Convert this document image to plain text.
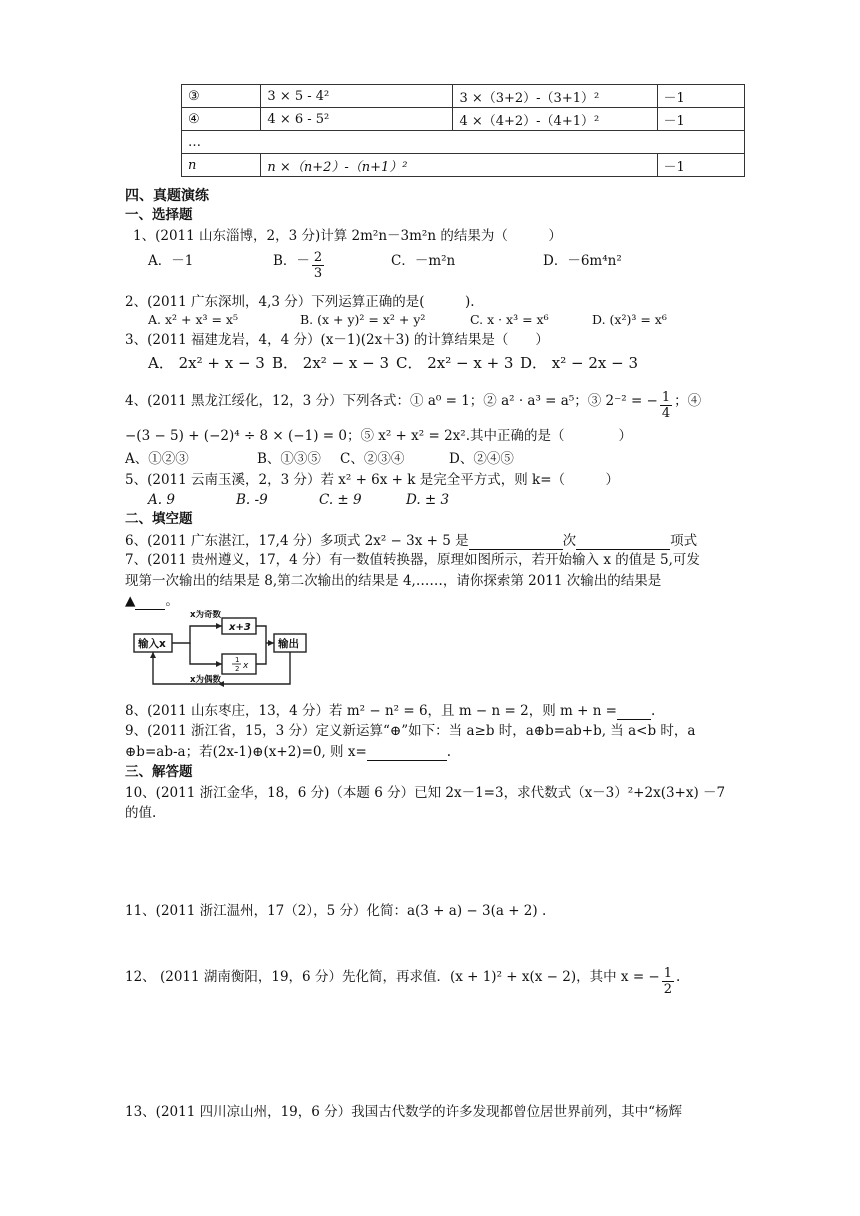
③	3 × 5 - 4²	3 ×（3+2）-（3+1）²	－1
④	4 × 6 - 5²	4 ×（4+2）-（4+1）²	－1
…			
n	n ×（n+2）-（n+1）²		－1
四、真题演练
一、选择题
1、(2011 山东淄博，2，3 分)计算 2m²n－3m²n 的结果为（　　　）
A．－1	B．－ $\frac{2}{3}$	C．－m²n	D．－6m⁴n²
2、(2011 广东深圳，4,3 分）下列运算正确的是(　　　).
A. x² + x³ = x⁵	B. (x + y)² = x² + y²	C. x · x³ = x⁶	D. (x²)³ = x⁶
3、(2011 福建龙岩，4，4 分）(x－1)(2x＋3) 的计算结果是（　　）
A． 2x² + x − 3 B． 2x² − x − 3 C． 2x² − x + 3 D． x² − 2x − 3
4、(2011 黑龙江绥化，12，3 分）下列各式：① a⁰ = 1；② a² · a³ = a⁵；③ 2⁻² = − $\frac{1}{4}$ ；④
−(3 − 5) + (−2)⁴ ÷ 8 × (−1) = 0；⑤ x² + x² = 2x².其中正确的是（　　　　）
A、①②③	B、①③⑤ C、②③④	D、②④⑤
5、(2011 云南玉溪，2，3 分）若 x² + 6x + k 是完全平方式，则 k=（　　　）
A. 9	B. -9	C. ± 9	D. ± 3
二、填空题
6、(2011 广东湛江，17,4 分）多项式 2x² − 3x + 5 是	次	项式
7、(2011 贵州遵义，17，4 分）有一数值转换器，原理如图所示，若开始输入 x 的值是 5,可发
现第一次输出的结果是 8,第二次输出的结果是 4,……，请你探索第 2011 次输出的结果是
▲ 。
输入x
x为奇数
x+3
1
2 x
输出
x为偶数
8、(2011 山东枣庄，13，4 分）若 m² − n² = 6，且 m − n = 2，则 m + n =	.
9、(2011 浙江省，15，3 分）定义新运算“⊕”如下：当 a≥b 时，a⊕b=ab+b, 当 a<b 时，a
⊕b=ab-a；若(2x-1)⊕(x+2)=0, 则 x=	.
三、解答题
10、(2011 浙江金华，18，6 分)（本题 6 分）已知 2x－1=3，求代数式（x－3）²+2x(3+x) －7
的值.
11、(2011 浙江温州，17（2），5 分）化简：a(3 + a) − 3(a + 2) .
12、 (2011 湖南衡阳，19，6 分）先化简，再求值．(x + 1)² + x(x − 2)，其中 x = − $\frac{1}{2}$ .
13、(2011 四川凉山州，19，6 分）我国古代数学的许多发现都曾位居世界前列，其中“杨辉
